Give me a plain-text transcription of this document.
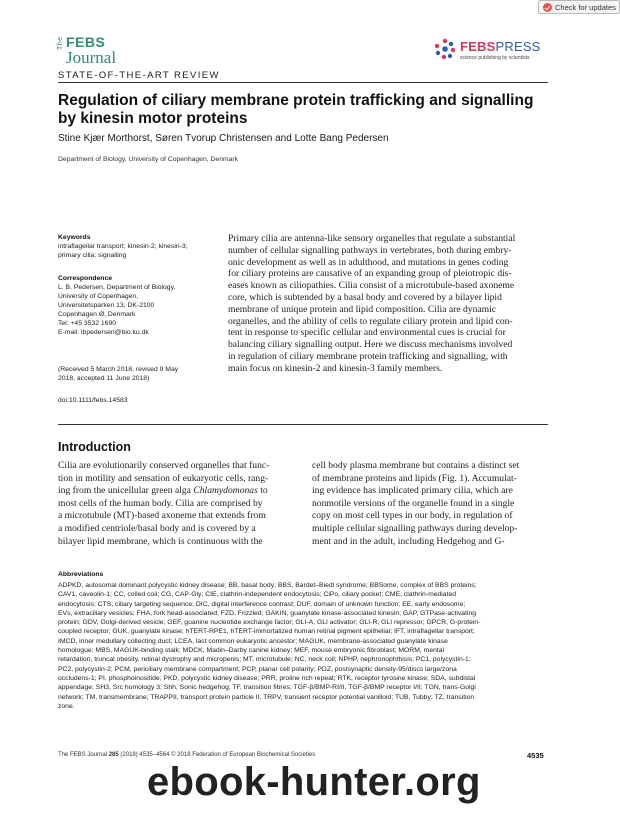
Check for updates
The FEBS
Journal
FEBSPRESS
science publishing by scientists
STATE-OF-THE-ART REVIEW
Regulation of ciliary membrane protein trafficking and signalling by kinesin motor proteins
Stine Kjær Morthorst, Søren Tvorup Christensen and Lotte Bang Pedersen
Department of Biology, University of Copenhagen, Denmark
Keywords
intraflagellar transport; kinesin-2; kinesin-3;
primary cilia; signalling
Correspondence
L. B. Pedersen, Department of Biology,
University of Copenhagen,
Universitetsparken 13, DK-2100
Copenhagen Ø, Denmark
Tel: +45 3532 1690
E-mail: lbpedersen@bio.ku.dk
(Received 5 March 2018, revised 9 May
2018, accepted 11 June 2018)
doi:10.1111/febs.14583
Primary cilia are antenna-like sensory organelles that regulate a substantial
number of cellular signalling pathways in vertebrates, both during embry-
onic development as well as in adulthood, and mutations in genes coding
for ciliary proteins are causative of an expanding group of pleiotropic dis-
eases known as ciliopathies. Cilia consist of a microtubule-based axoneme
core, which is subtended by a basal body and covered by a bilayer lipid
membrane of unique protein and lipid composition. Cilia are dynamic
organelles, and the ability of cells to regulate ciliary protein and lipid con-
tent in response to specific cellular and environmental cues is crucial for
balancing ciliary signalling output. Here we discuss mechanisms involved
in regulation of ciliary membrane protein trafficking and signalling, with
main focus on kinesin-2 and kinesin-3 family members.
Introduction
Cilia are evolutionarily conserved organelles that func-
tion in motility and sensation of eukaryotic cells, rang-
ing from the unicellular green alga Chlamydomonas to
most cells of the human body. Cilia are comprised by
a microtubule (MT)-based axoneme that extends from
a modified centriole/basal body and is covered by a
bilayer lipid membrane, which is continuous with the
cell body plasma membrane but contains a distinct set
of membrane proteins and lipids (Fig. 1). Accumulat-
ing evidence has implicated primary cilia, which are
nonmotile versions of the organelle found in a single
copy on most cell types in our body, in regulation of
multiple cellular signalling pathways during develop-
ment and in the adult, including Hedgehog and G-
Abbreviations
ADPKD, autosomal dominant polycystic kidney disease; BB, basal body; BBS, Bardet–Biedl syndrome; BBSome, complex of BBS proteins;
CAV1, caveolin-1; CC, coiled coil; CG, CAP-Gly; CIE, clathrin-independent endocytosis; CiPo, ciliary pocket; CME, clathrin-mediated
endocytosis; CTS, ciliary targeting sequence; DIC, digital interference contrast; DUF, domain of unknown function; EE, early endosome;
EVs, extraciliary vesicles; FHA, fork head-associated; FZD, Frizzled; GAKIN, guanylate kinase-associated kinesin; GAP, GTPase-activating
protein; GDV, Golgi-derived vesicle; GEF, guanine nucleotide exchange factor; GLI-A, GLI activator; GLI-R, GLI repressor; GPCR, G-protein-
coupled receptor; GUK, guanylate kinase; hTERT-RPE1, hTERT-immortalized human retinal pigment epithelial; IFT, intraflagellar transport;
IMCD, inner medullary collecting duct; LCEA, last common eukaryotic ancestor; MAGUK, membrane-associated guanylate kinase
homologue; MBS, MAGUK-binding stalk; MDCK, Madin–Darby canine kidney; MEF, mouse embryonic fibroblast; MORM, mental
retardation, truncal obesity, retinal dystrophy and micropenis; MT, microtubule; NC, neck coil; NPHP, nephronophthisis; PC1, polycystin-1;
PC2, polycystin-2; PCM, periciliary membrane compartment; PCP, planar cell polarity; PDZ, postsynaptic density-95/discs large/zona
occludens-1; PI, phosphoinositide; PKD, polycystic kidney disease; PRR, proline rich repeat; RTK, receptor tyrosine kinase; SDA, subdistal
appendage; SH3, Src homology 3; Shh, Sonic hedgehog; TF, transition fibres; TGF-β/BMP-RI/II, TGF-β/BMP receptor I/II; TGN, trans-Golgi
network; TM, transmembrane; TRAPPII, transport protein particle II; TRPV, transient receptor potential vanilloid; TUB, Tubby; TZ, transition
zone.
The FEBS Journal 285 (2018) 4535–4564 © 2018 Federation of European Biochemical Societies	4535
ebook-hunter.org
